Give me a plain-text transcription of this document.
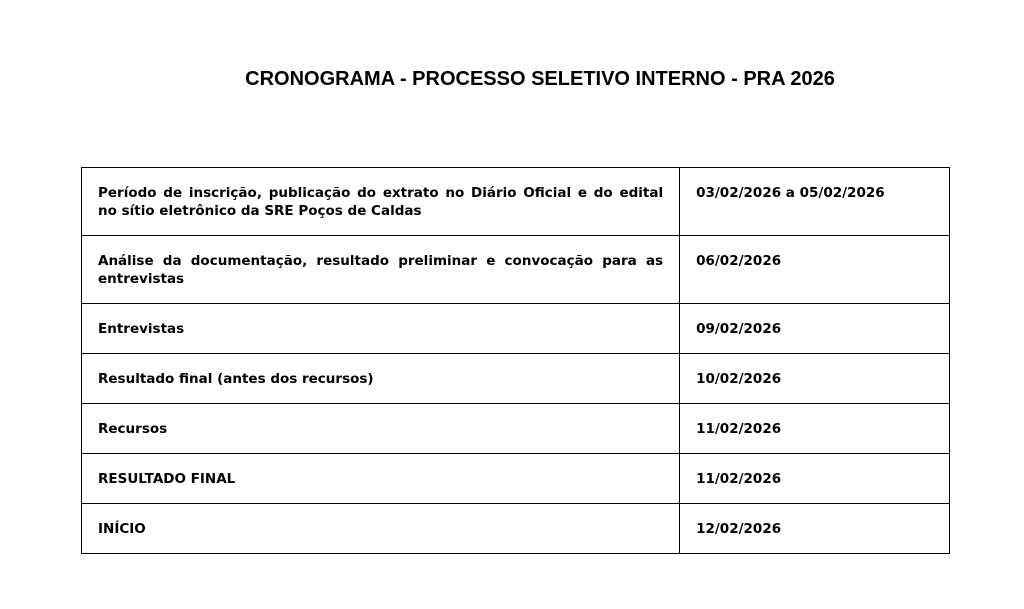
CRONOGRAMA - PROCESSO SELETIVO INTERNO - PRA 2026
Período de inscrição, publicação do extrato no Diário Oficial e do edital no sítio eletrônico da SRE Poços de Caldas	03/02/2026 a 05/02/2026
Análise da documentação, resultado preliminar e convocação para as entrevistas	06/02/2026
Entrevistas	09/02/2026
Resultado final (antes dos recursos)	10/02/2026
Recursos	11/02/2026
RESULTADO FINAL	11/02/2026
INÍCIO	12/02/2026
